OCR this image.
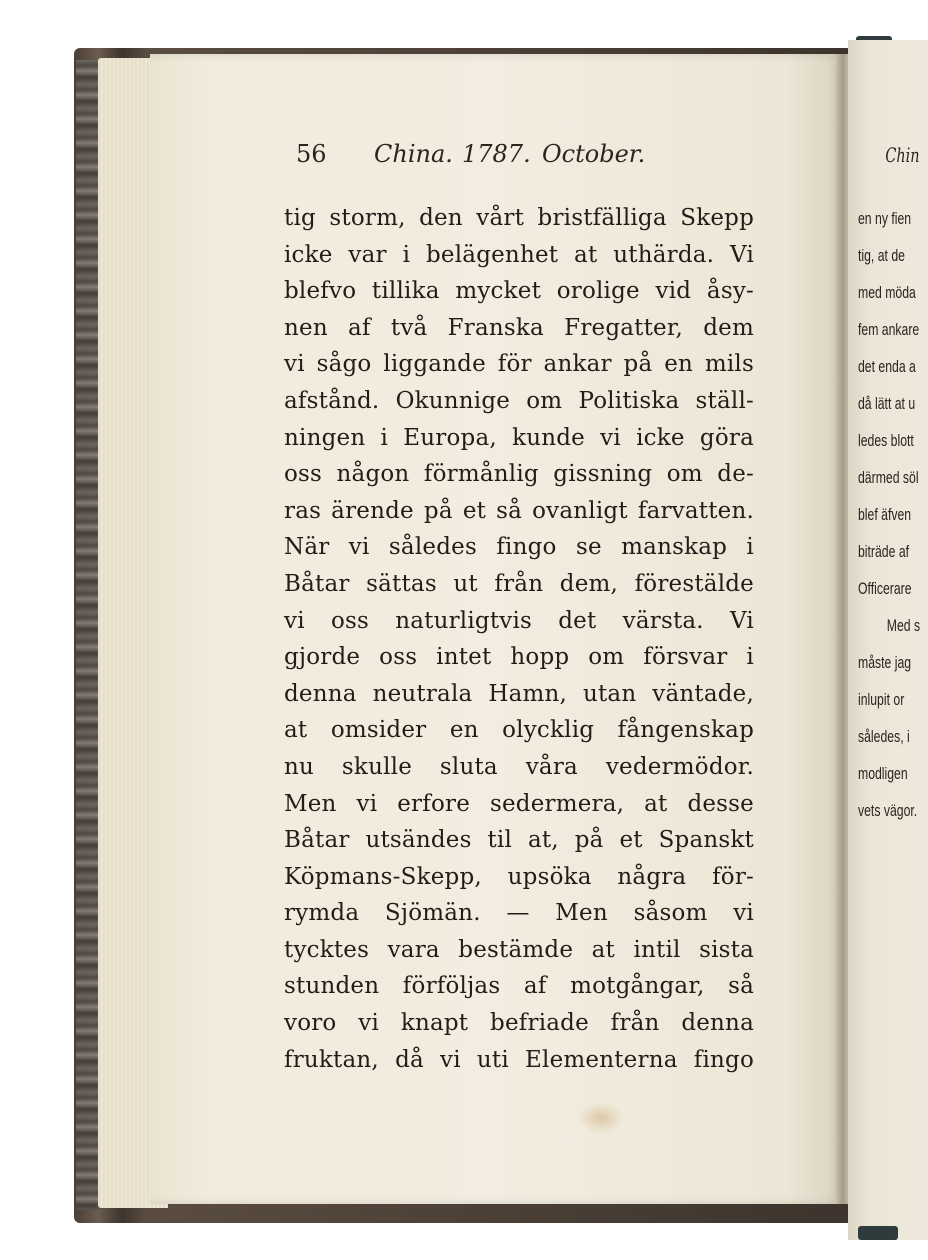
56 China. 1787. October.
tig storm, den vårt bristfälliga Skepp
icke var i belägenhet at uthärda. Vi
blefvo tillika mycket orolige vid åsy-
nen af två Franska Fregatter, dem
vi sågo liggande för ankar på en mils
afstånd. Okunnige om Politiska ställ-
ningen i Europa, kunde vi icke göra
oss någon förmånlig gissning om de-
ras ärende på et så ovanligt farvatten.
När vi således fingo se manskap i
Båtar sättas ut från dem, förestälde
vi oss naturligtvis det värsta. Vi
gjorde oss intet hopp om försvar i
denna neutrala Hamn, utan väntade,
at omsider en olycklig fångenskap
nu skulle sluta våra vedermödor.
Men vi erfore sedermera, at desse
Båtar utsändes til at, på et Spanskt
Köpmans-Skepp, upsöka några för-
rymda Sjömän. — Men såsom vi
tycktes vara bestämde at intil sista
stunden förföljas af motgångar, så
voro vi knapt befriade från denna
fruktan, då vi uti Elementerna fingo
Chin
en ny fien
tig, at de
med möda
fem ankare
det enda a
då lätt at u
ledes blott
därmed söl
blef äfven
biträde af
Officerare
Med s
måste jag
inlupit or
således, i
modligen
vets vägor.
